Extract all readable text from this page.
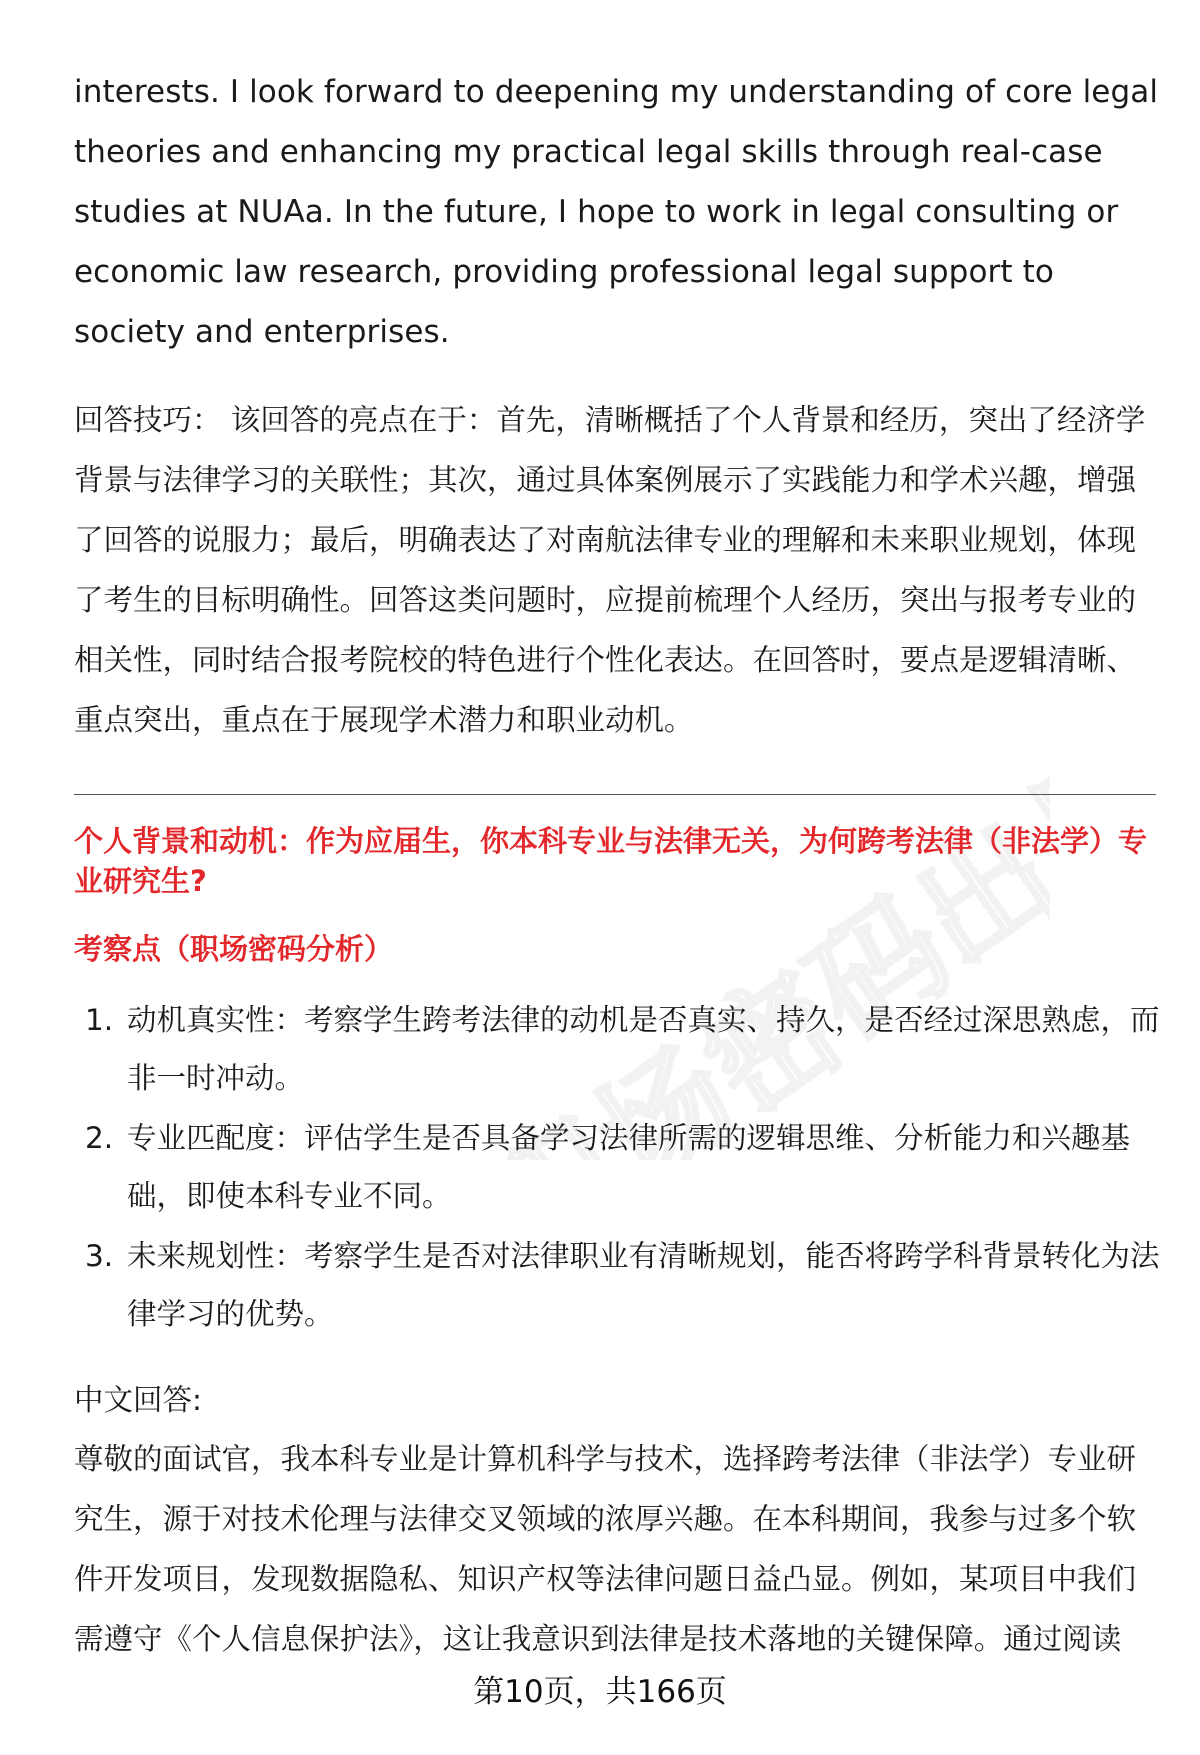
职场密码出品

interests. I look forward to deepening my understanding of core legal theories and enhancing my practical legal skills through real-case studies at NUAa. In the future, I hope to work in legal consulting or economic law research, providing professional legal support to society and enterprises.

回答技巧： 该回答的亮点在于：首先，清晰概括了个人背景和经历，突出了经济学背景与法律学习的关联性；其次，通过具体案例展示了实践能力和学术兴趣，增强了回答的说服力；最后，明确表达了对南航法律专业的理解和未来职业规划，体现了考生的目标明确性。回答这类问题时，应提前梳理个人经历，突出与报考专业的相关性，同时结合报考院校的特色进行个性化表达。在回答时，要点是逻辑清晰、重点突出，重点在于展现学术潜力和职业动机。

个人背景和动机：作为应届生，你本科专业与法律无关，为何跨考法律（非法学）专业研究生?

考察点（职场密码分析）

1. 动机真实性：考察学生跨考法律的动机是否真实、持久，是否经过深思熟虑，而非一时冲动。
2. 专业匹配度：评估学生是否具备学习法律所需的逻辑思维、分析能力和兴趣基础，即使本科专业不同。
3. 未来规划性：考察学生是否对法律职业有清晰规划，能否将跨学科背景转化为法律学习的优势。

中文回答:

尊敬的面试官，我本科专业是计算机科学与技术，选择跨考法律（非法学）专业研究生，源于对技术伦理与法律交叉领域的浓厚兴趣。在本科期间，我参与过多个软件开发项目，发现数据隐私、知识产权等法律问题日益凸显。例如，某项目中我们需遵守《个人信息保护法》，这让我意识到法律是技术落地的关键保障。通过阅读

第10页，共166页
